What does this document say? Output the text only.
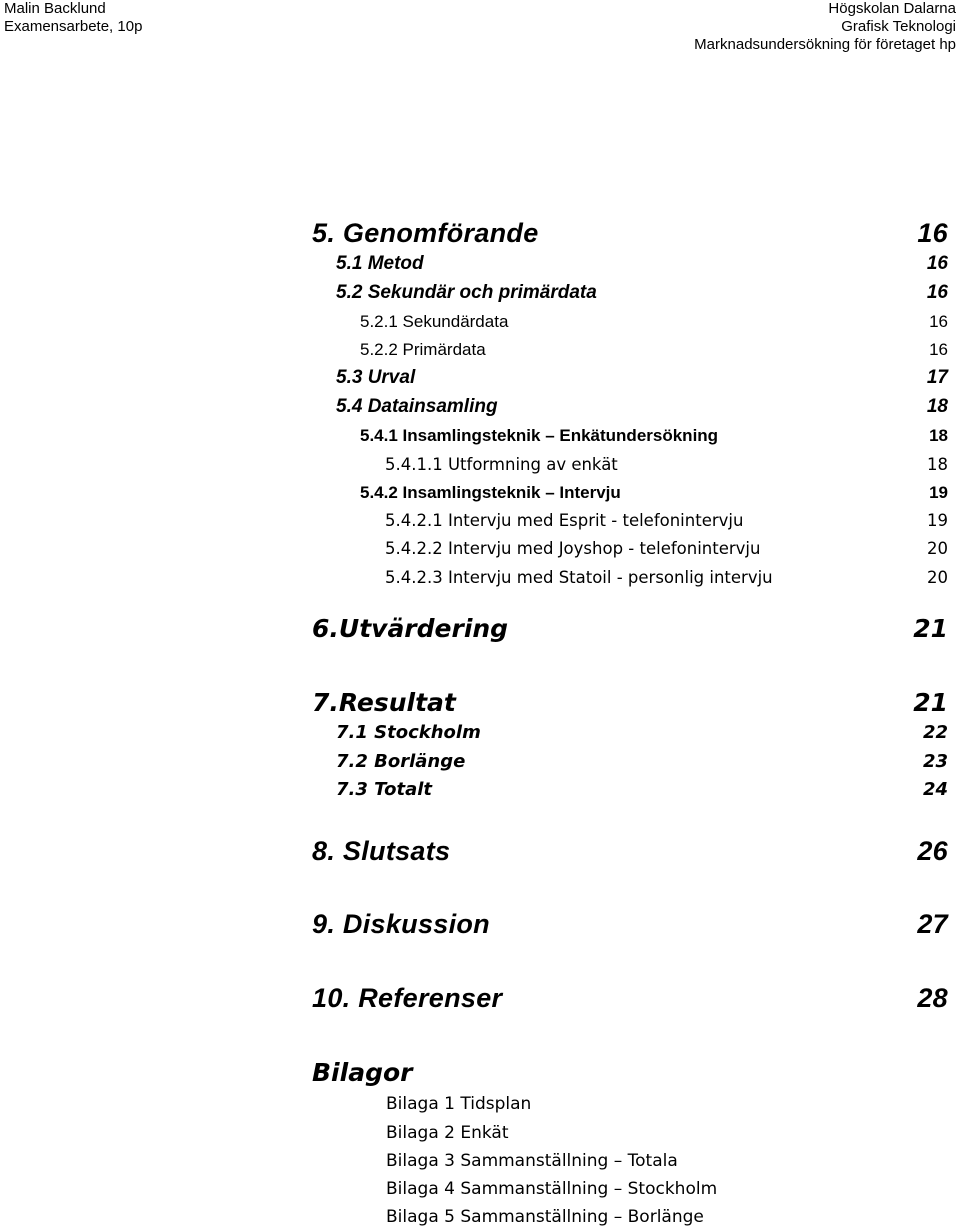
Malin Backlund
Examensarbete, 10p
Högskolan Dalarna
Grafisk Teknologi
Marknadsundersökning för företaget hp
5. Genomförande	16
5.1 Metod	16
5.2 Sekundär och primärdata	16
5.2.1 Sekundärdata	16
5.2.2 Primärdata	16
5.3 Urval	17
5.4 Datainsamling	18
5.4.1 Insamlingsteknik – Enkätundersökning	18
5.4.1.1 Utformning av enkät	18
5.4.2 Insamlingsteknik – Intervju	19
5.4.2.1 Intervju med Esprit - telefonintervju	19
5.4.2.2 Intervju med Joyshop - telefonintervju	20
5.4.2.3 Intervju med Statoil - personlig intervju	20
6.Utvärdering	21
7.Resultat	21
7.1 Stockholm	22
7.2 Borlänge	23
7.3 Totalt	24
8. Slutsats	26
9. Diskussion	27
10. Referenser	28
Bilagor
Bilaga 1 Tidsplan
Bilaga 2 Enkät
Bilaga 3 Sammanställning – Totala
Bilaga 4 Sammanställning – Stockholm
Bilaga 5 Sammanställning – Borlänge
